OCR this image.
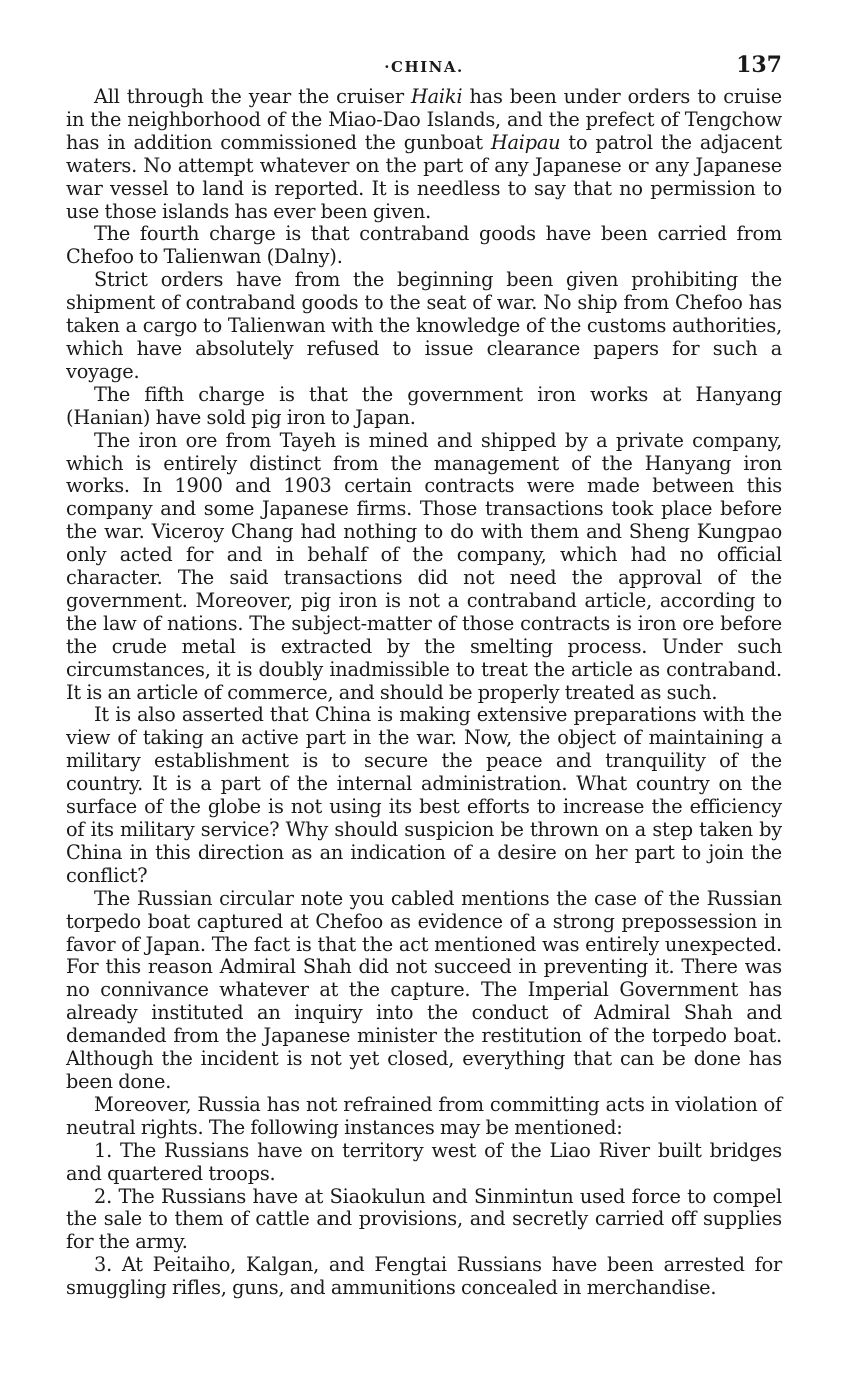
·CHINA.	137

All through the year the cruiser Haiki has been under orders to cruise in the neighborhood of the Miao-Dao Islands, and the prefect of Tengchow has in addition commissioned the gunboat Haipau to patrol the adjacent waters. No attempt whatever on the part of any Japanese or any Japanese war vessel to land is reported. It is needless to say that no permission to use those islands has ever been given.

The fourth charge is that contraband goods have been carried from Chefoo to Talienwan (Dalny).

Strict orders have from the beginning been given prohibiting the shipment of contraband goods to the seat of war. No ship from Chefoo has taken a cargo to Talienwan with the knowledge of the customs authorities, which have absolutely refused to issue clearance papers for such a voyage.

The fifth charge is that the government iron works at Hanyang (Hanian) have sold pig iron to Japan.

The iron ore from Tayeh is mined and shipped by a private company, which is entirely distinct from the management of the Hanyang iron works. In 1900 and 1903 certain contracts were made between this company and some Japanese firms. Those transactions took place before the war. Viceroy Chang had nothing to do with them and Sheng Kungpao only acted for and in behalf of the company, which had no official character. The said transactions did not need the approval of the government. Moreover, pig iron is not a contraband article, according to the law of nations. The subject-matter of those contracts is iron ore before the crude metal is extracted by the smelting process. Under such circumstances, it is doubly inadmissible to treat the article as contraband. It is an article of commerce, and should be properly treated as such.

It is also asserted that China is making extensive preparations with the view of taking an active part in the war. Now, the object of maintaining a military establishment is to secure the peace and tranquility of the country. It is a part of the internal administration. What country on the surface of the globe is not using its best efforts to increase the efficiency of its military service? Why should suspicion be thrown on a step taken by China in this direction as an indication of a desire on her part to join the conflict?

The Russian circular note you cabled mentions the case of the Russian torpedo boat captured at Chefoo as evidence of a strong prepossession in favor of Japan. The fact is that the act mentioned was entirely unexpected. For this reason Admiral Shah did not succeed in preventing it. There was no connivance whatever at the capture. The Imperial Government has already instituted an inquiry into the conduct of Admiral Shah and demanded from the Japanese minister the restitution of the torpedo boat. Although the incident is not yet closed, everything that can be done has been done.

Moreover, Russia has not refrained from committing acts in violation of neutral rights. The following instances may be mentioned:

1. The Russians have on territory west of the Liao River built bridges and quartered troops.

2. The Russians have at Siaokulun and Sinmintun used force to compel the sale to them of cattle and provisions, and secretly carried off supplies for the army.

3. At Peitaiho, Kalgan, and Fengtai Russians have been arrested for smuggling rifles, guns, and ammunitions concealed in merchandise.
